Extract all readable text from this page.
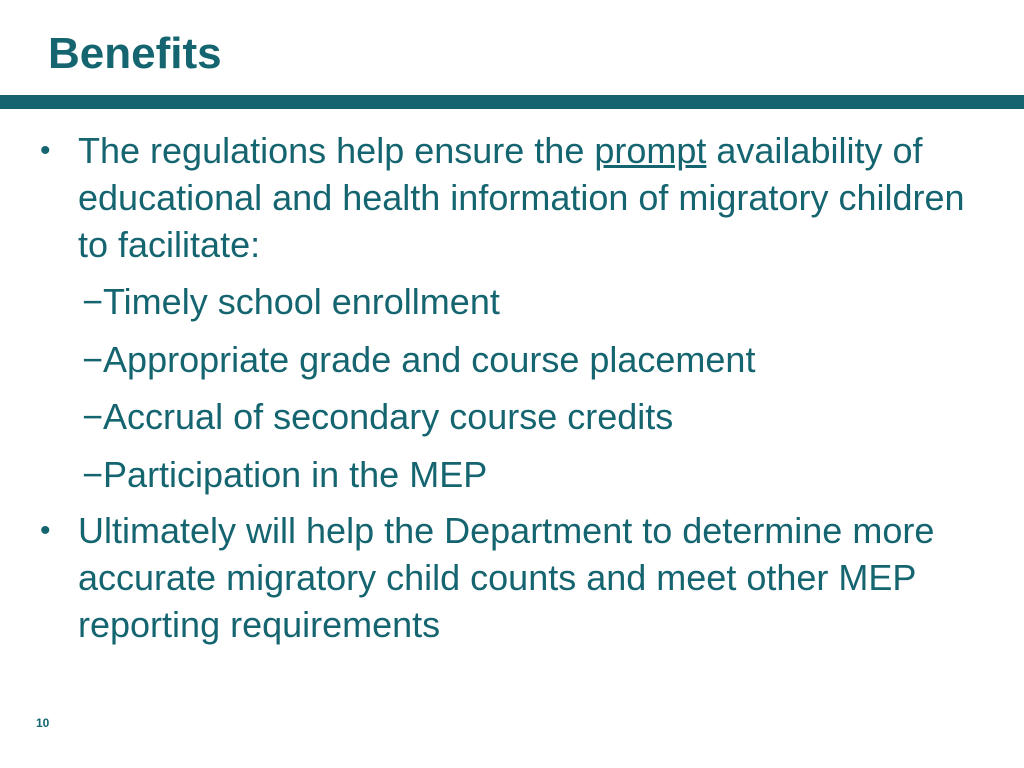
Benefits
• The regulations help ensure the prompt availability of educational and health information of migratory children to facilitate:
−Timely school enrollment
−Appropriate grade and course placement
−Accrual of secondary course credits
−Participation in the MEP
• Ultimately will help the Department to determine more accurate migratory child counts and meet other MEP reporting requirements
10
